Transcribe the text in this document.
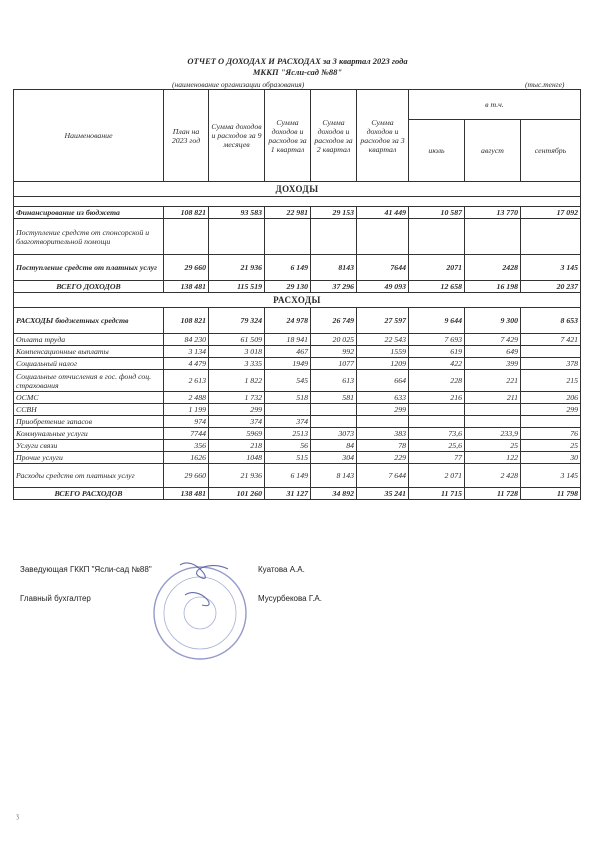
ОТЧЕТ О ДОХОДАХ И РАСХОДАХ за 3 квартал 2023 года
МККП "Ясли-сад №88"
(наименование организации образования)	(тыс.тенге)
Наименование	План на 2023 год	Сумма доходов и расходов за 9 месяцев	Сумма доходов и расходов за 1 квартал	Сумма доходов и расходов за 2 квартал	Сумма доходов и расходов за 3 квартал	в т.ч.		
						июль	август	сентябрь
ДОХОДЫ								

Финансирование из бюджета	108 821	93 583	22 981	29 153	41 449	10 587	13 770	17 092
Поступление средств от спонсорской и благотворительной помощи								
Поступление средств от платных услуг	29 660	21 936	6 149	8143	7644	2071	2428	3 145
ВСЕГО ДОХОДОВ	138 481	115 519	29 130	37 296	49 093	12 658	16 198	20 237
РАСХОДЫ								
РАСХОДЫ бюджетных средств	108 821	79 324	24 978	26 749	27 597	9 644	9 300	8 653
Оплата труда	84 230	61 509	18 941	20 025	22 543	7 693	7 429	7 421
Компенсационные выплаты	3 134	3 018	467	992	1559	619	649	
Социальный налог	4 479	3 335	1949	1077	1209	422	399	378
Социальные отчисления в гос. фонд соц. страхования	2 613	1 822	545	613	664	228	221	215
ОСМС	2 488	1 732	518	581	633	216	211	206
ССВН	1 199	299			299			299
Приобретение запасов	974	374	374					
Коммунальные услуги	7744	5969	2513	3073	383	73,6	233,9	76
Услуги связи	356	218	56	84	78	25,6	25	25
Прочие услуги	1626	1048	515	304	229	77	122	30
Расходы средств от платных услуг	29 660	21 936	6 149	8 143	7 644	2 071	2 428	3 145
ВСЕГО РАСХОДОВ	138 481	101 260	31 127	34 892	35 241	11 715	11 728	11 798
Заведующая ГККП "Ясли-сад №88"	Куатова А.А.
Главный бухгалтер	Мусурбекова Г.А.
ʒ
